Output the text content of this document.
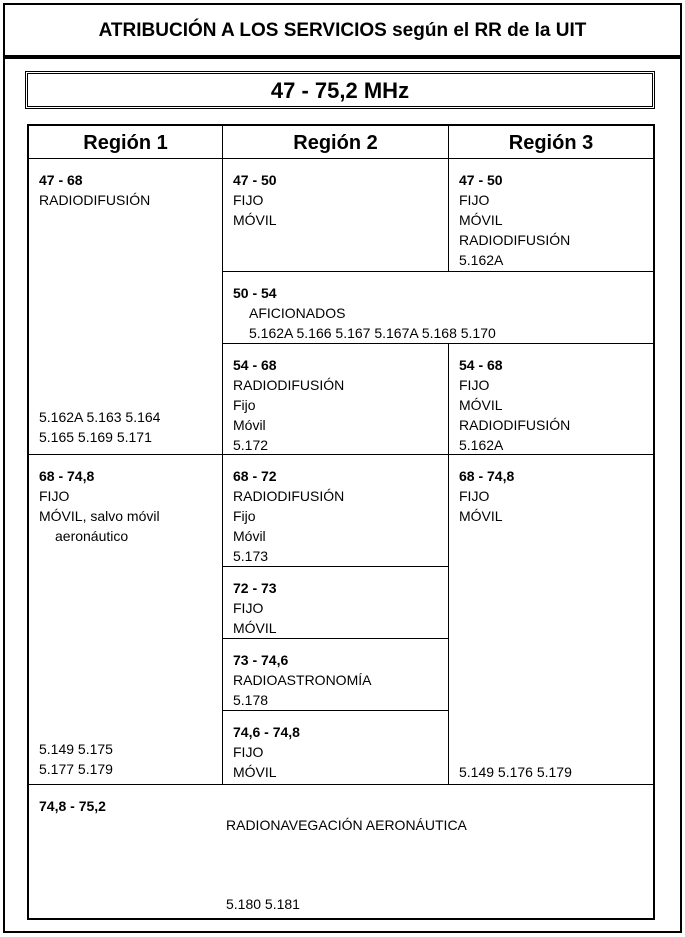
ATRIBUCIÓN A LOS SERVICIOS según el RR de la UIT
47 - 75,2 MHz
Región 1	Región 2	Región 3
47 - 68
RADIODIFUSIÓN
5.162A 5.163 5.164
5.165 5.169 5.171
47 - 50
FIJO
MÓVIL
47 - 50
FIJO
MÓVIL
RADIODIFUSIÓN
5.162A
50 - 54
AFICIONADOS
5.162A 5.166 5.167 5.167A 5.168 5.170
54 - 68
RADIODIFUSIÓN
Fijo
Móvil
5.172
54 - 68
FIJO
MÓVIL
RADIODIFUSIÓN
5.162A
68 - 74,8
FIJO
MÓVIL, salvo móvil
aeronáutico
5.149 5.175
5.177 5.179
68 - 72
RADIODIFUSIÓN
Fijo
Móvil
5.173
72 - 73
FIJO
MÓVIL
73 - 74,6
RADIOASTRONOMÍA
5.178
74,6 - 74,8
FIJO
MÓVIL
68 - 74,8
FIJO
MÓVIL
5.149 5.176 5.179
74,8 - 75,2
RADIONAVEGACIÓN AERONÁUTICA
5.180 5.181
